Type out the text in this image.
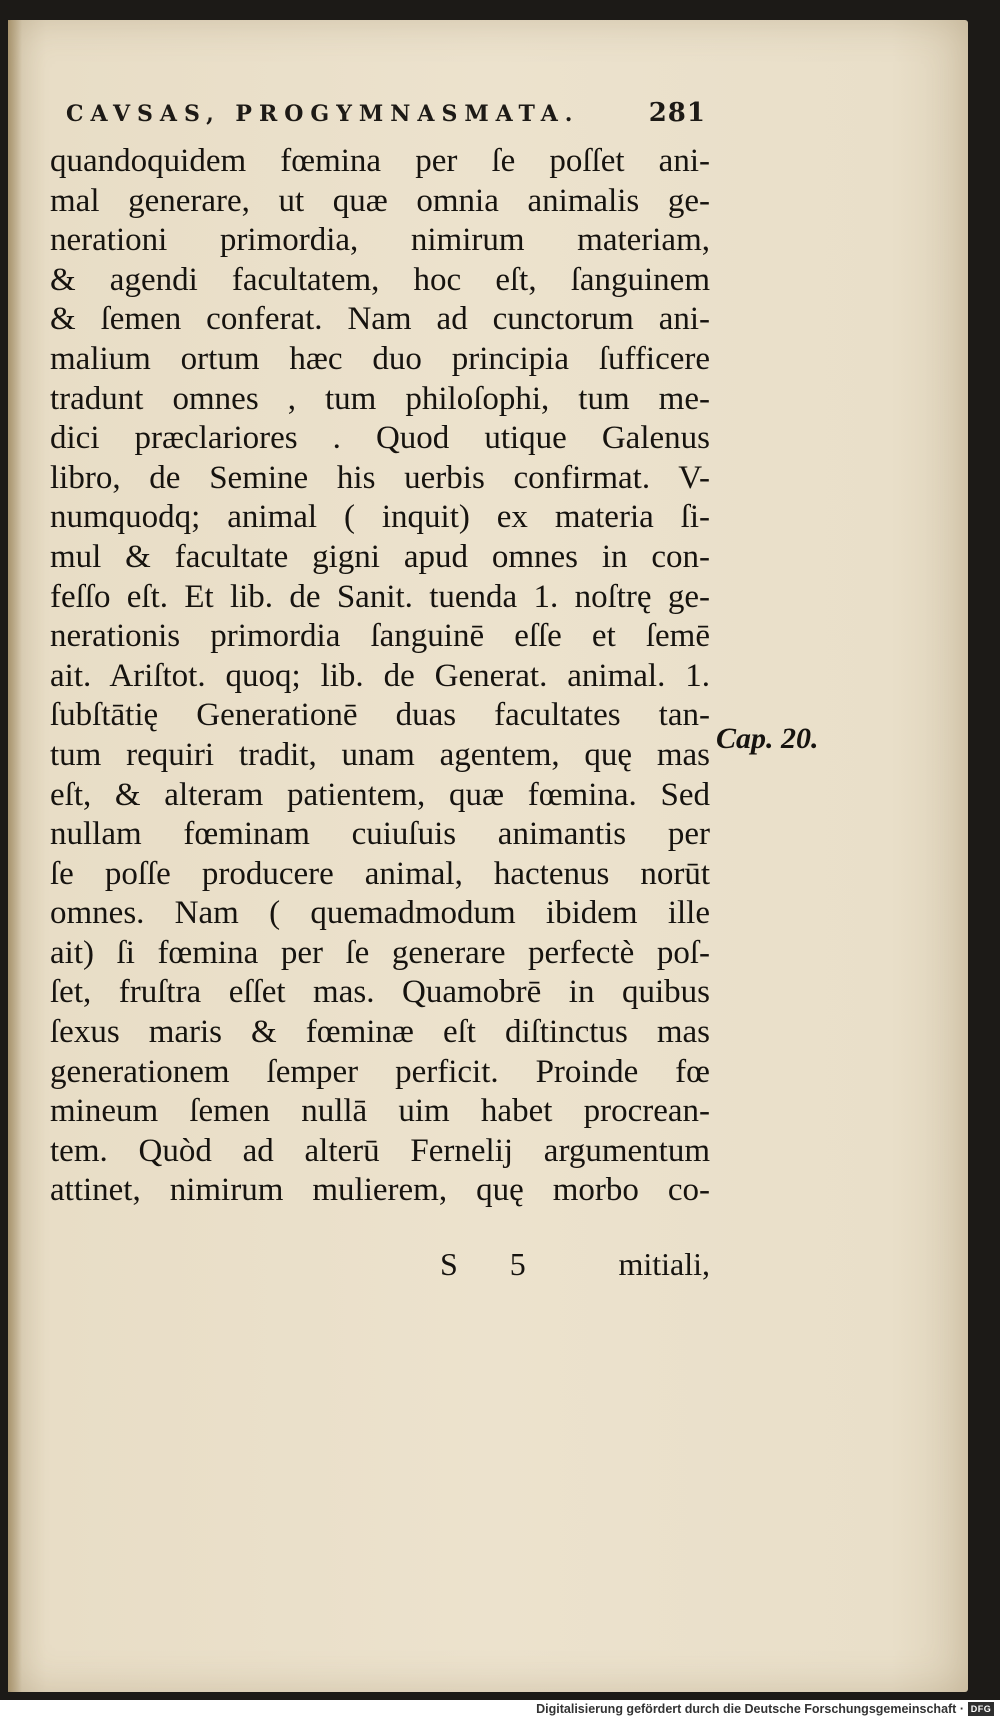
CAVSAS, PROGYMNASMATA.	281
quandoquidem fœmina per ſe poſſet ani-
mal generare, ut quæ omnia animalis ge-
nerationi primordia, nimirum materiam,
& agendi facultatem, hoc eſt, ſanguinem
& ſemen conferat. Nam ad cunctorum ani-
malium ortum hæc duo principia ſufficere
tradunt omnes , tum philoſophi, tum me-
dici præclariores . Quod utique Galenus
libro, de Semine his uerbis confirmat. V-
numquodq; animal ( inquit) ex materia ſi-
mul & facultate gigni apud omnes in con-
feſſo eſt. Et lib. de Sanit. tuenda 1. noſtrę ge-
nerationis primordia ſanguinē eſſe et ſemē
ait. Ariſtot. quoq; lib. de Generat. animal. 1.
ſubſtātię Generationē duas facultates tan-
tum requiri tradit, unam agentem, quę mas
eſt, & alteram patientem, quæ fœmina. Sed
nullam fœminam cuiuſuis animantis per
ſe poſſe producere animal, hactenus norūt
omnes. Nam ( quemadmodum ibidem ille
ait) ſi fœmina per ſe generare perfectè poſ-
ſet, fruſtra eſſet mas. Quamobrē in quibus
ſexus maris & fœminæ eſt diſtinctus mas
generationem ſemper perficit. Proinde fœ
mineum ſemen nullā uim habet procrean-
tem. Quòd ad alterū Fernelij argumentum
attinet, nimirum mulierem, quę morbo co-
Cap. 20.
S 5 mitiali,
Digitalisierung gefördert durch die Deutsche Forschungsgemeinschaft · DFG
